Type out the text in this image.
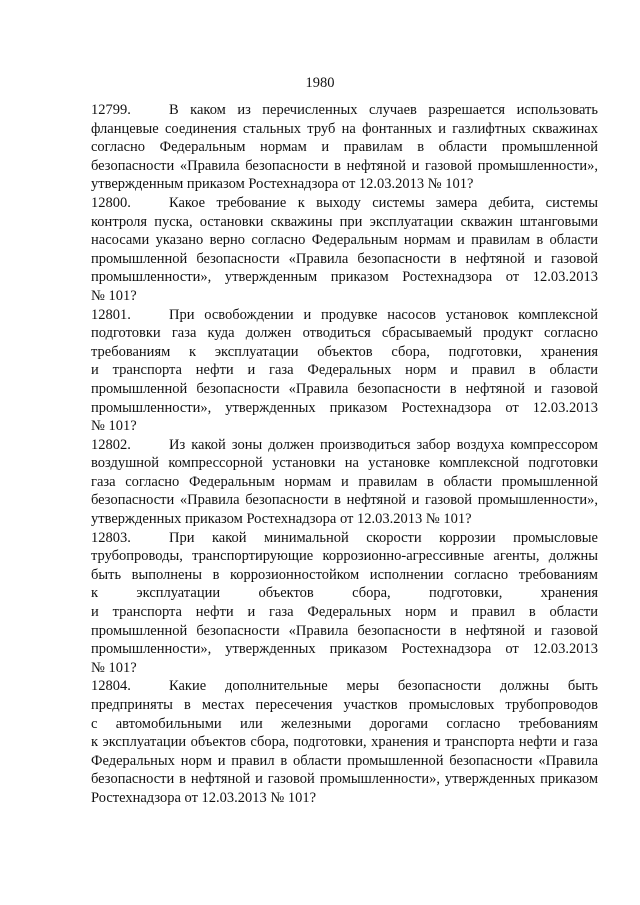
1980
12799.	В каком из перечисленных случаев разрешается использовать
фланцевые соединения стальных труб на фонтанных и газлифтных скважинах
согласно Федеральным нормам и правилам в области промышленной
безопасности «Правила безопасности в нефтяной и газовой промышленности»,
утвержденным приказом Ростехнадзора от 12.03.2013 № 101?
12800.	Какое требование к выходу системы замера дебита, системы
контроля пуска, остановки скважины при эксплуатации скважин штанговыми
насосами указано верно согласно Федеральным нормам и правилам в области
промышленной безопасности «Правила безопасности в нефтяной и газовой
промышленности», утвержденным приказом Ростехнадзора от 12.03.2013
№ 101?
12801.	При освобождении и продувке насосов установок комплексной
подготовки газа куда должен отводиться сбрасываемый продукт согласно
требованиям к эксплуатации объектов сбора, подготовки, хранения
и транспорта нефти и газа Федеральных норм и правил в области
промышленной безопасности «Правила безопасности в нефтяной и газовой
промышленности», утвержденных приказом Ростехнадзора от 12.03.2013
№ 101?
12802.	Из какой зоны должен производиться забор воздуха компрессором
воздушной компрессорной установки на установке комплексной подготовки
газа согласно Федеральным нормам и правилам в области промышленной
безопасности «Правила безопасности в нефтяной и газовой промышленности»,
утвержденных приказом Ростехнадзора от 12.03.2013 № 101?
12803.	При какой минимальной скорости коррозии промысловые
трубопроводы, транспортирующие коррозионно-агрессивные агенты, должны
быть выполнены в коррозионностойком исполнении согласно требованиям
к эксплуатации объектов сбора, подготовки, хранения
и транспорта нефти и газа Федеральных норм и правил в области
промышленной безопасности «Правила безопасности в нефтяной и газовой
промышленности», утвержденных приказом Ростехнадзора от 12.03.2013
№ 101?
12804.	Какие дополнительные меры безопасности должны быть
предприняты в местах пересечения участков промысловых трубопроводов
с автомобильными или железными дорогами согласно требованиям
к эксплуатации объектов сбора, подготовки, хранения и транспорта нефти и газа
Федеральных норм и правил в области промышленной безопасности «Правила
безопасности в нефтяной и газовой промышленности», утвержденных приказом
Ростехнадзора от 12.03.2013 № 101?
